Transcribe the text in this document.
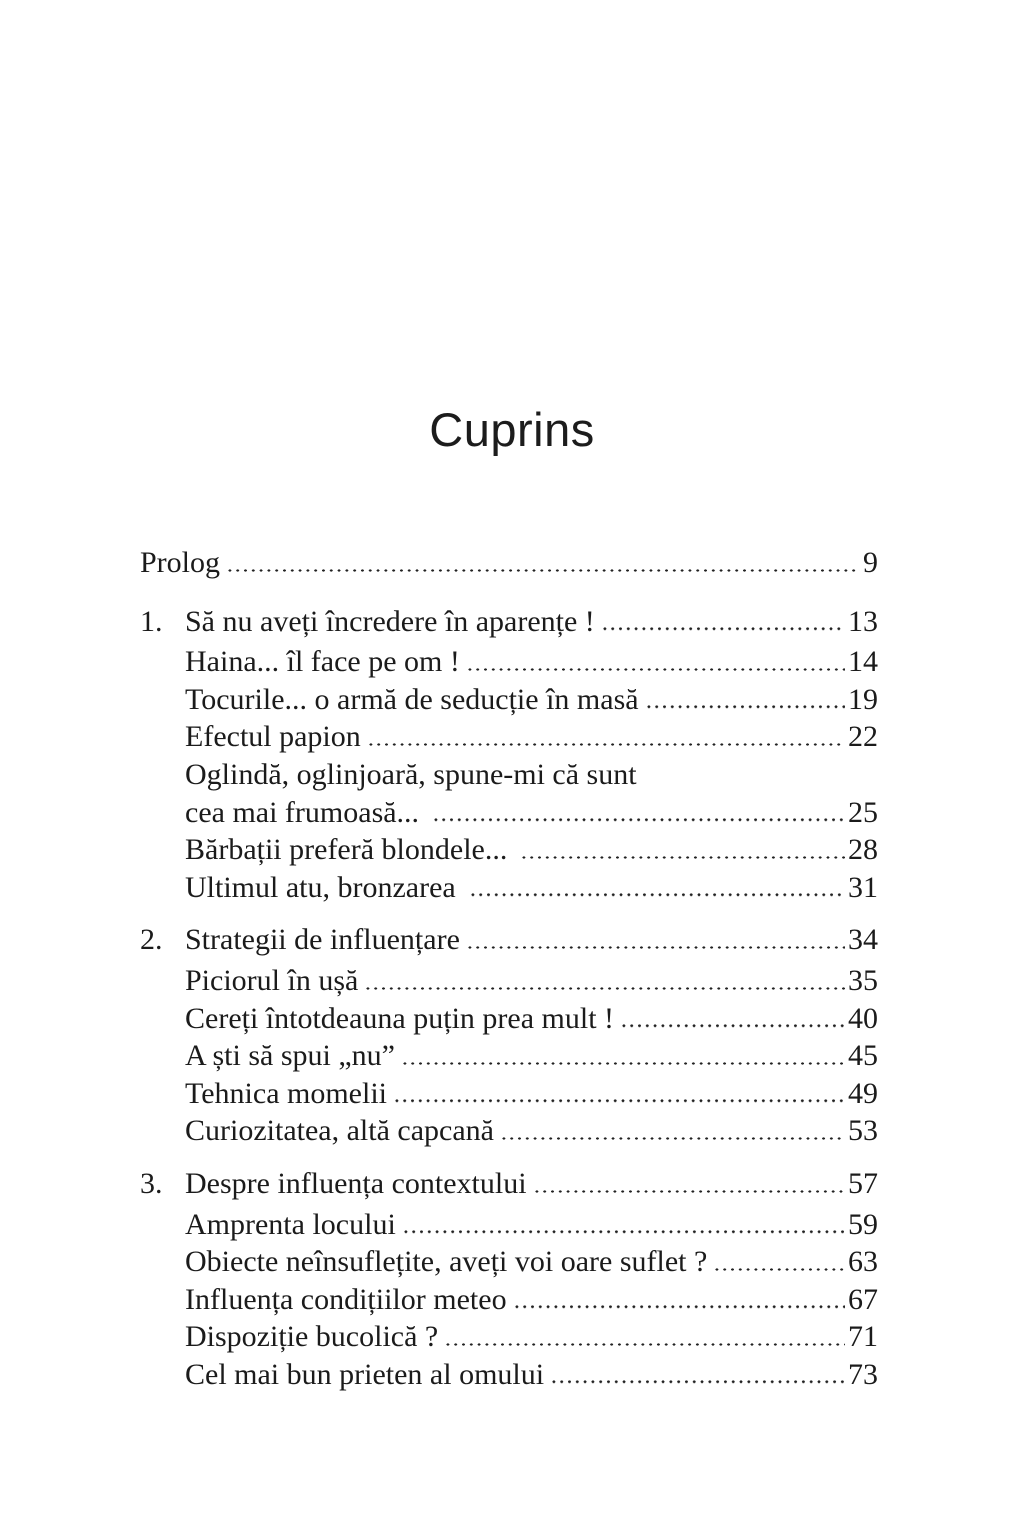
Cuprins
Prolog	9
1. Să nu aveți încredere în aparențe !	13
Haina... îl face pe om !	14
Tocurile... o armă de seducție în masă	19
Efectul papion	22
Oglindă, oglinjoară, spune-mi că sunt
cea mai frumoasă...	25
Bărbații preferă blondele...	28
Ultimul atu, bronzarea	31
2. Strategii de influențare	34
Piciorul în ușă	35
Cereți întotdeauna puțin prea mult !	40
A ști să spui „nu”	45
Tehnica momelii	49
Curiozitatea, altă capcană	53
3. Despre influența contextului	57
Amprenta locului	59
Obiecte neînsuflețite, aveți voi oare suflet ?	63
Influența condițiilor meteo	67
Dispoziție bucolică ?	71
Cel mai bun prieten al omului	73
